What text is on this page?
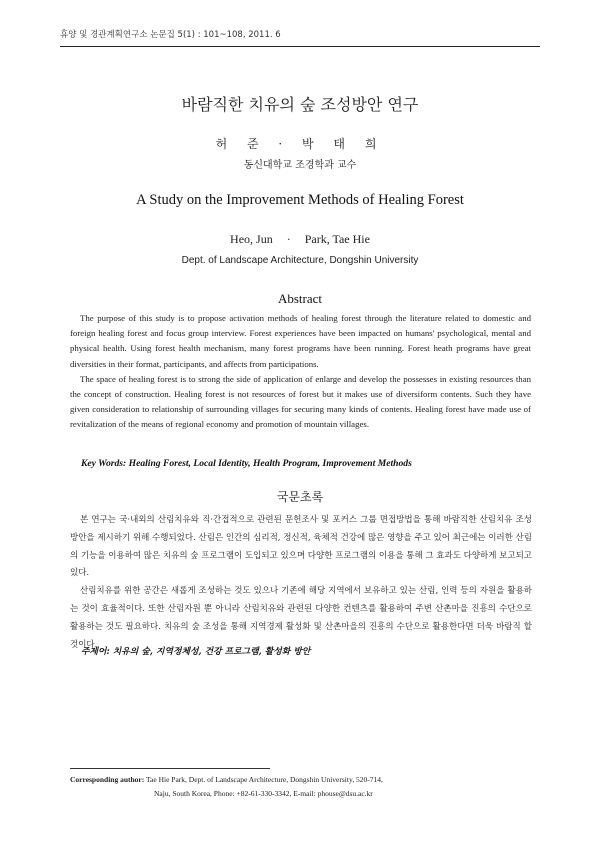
휴양 및 경관계획연구소 논문집 5(1) : 101~108, 2011. 6
바람직한 치유의 숲 조성방안 연구
허 준 · 박 태 희
동신대학교 조경학과 교수
A Study on the Improvement Methods of Healing Forest
Heo, Jun · Park, Tae Hie
Dept. of Landscape Architecture, Dongshin University
Abstract

The purpose of this study is to propose activation methods of healing forest through the literature related to domestic and foreign healing forest and focus group interview. Forest experiences have been impacted on humans' psychological, mental and physical health. Using forest health mechanism, many forest programs have been running. Forest heath programs have great diversities in their format, participants, and affects from participations.

The space of healing forest is to strong the side of application of enlarge and develop the possesses in existing resources than the concept of construction. Healing forest is not resources of forest but it makes use of diversiform contents. Such they have given consideration to relationship of surrounding villages for securing many kinds of contents. Healing forest have made use of revitalization of the means of regional economy and promotion of mountain villages.

Key Words: Healing Forest, Local Identity, Health Program, Improvement Methods
국문초록

본 연구는 국·내외의 산림치유와 직·간접적으로 관련된 문헌조사 및 포커스 그룹 면접방법을 통해 바람직한 산림치유 조성방안을 제시하기 위해 수행되었다. 산림은 인간의 심리적, 정신적, 육체적 건강에 많은 영향을 주고 있어 최근에는 이러한 산림의 기능을 이용하여 많은 치유의 숲 프로그램이 도입되고 있으며 다양한 프로그램의 이용을 통해 그 효과도 다양하게 보고되고 있다.

산림치유를 위한 공간은 새롭게 조성하는 것도 있으나 기존에 해당 지역에서 보유하고 있는 산림, 인력 등의 자원을 활용하는 것이 효율적이다. 또한 산림자원 뿐 아니라 산림치유와 관련된 다양한 컨텐츠를 활용하여 주변 산촌마을 진흥의 수단으로 활용하는 것도 필요하다. 치유의 숲 조성을 통해 지역경제 활성화 및 산촌마을의 진흥의 수단으로 활용한다면 더욱 바람직 할 것이다.

주제어: 치유의 숲, 지역정체성, 건강 프로그램, 활성화 방안
Corresponding author: Tae Hie Park, Dept. of Landscape Architecture, Dongshin University, 520-714,
Naju, South Korea, Phone: +82-61-330-3342, E-mail: phouse@dsu.ac.kr
